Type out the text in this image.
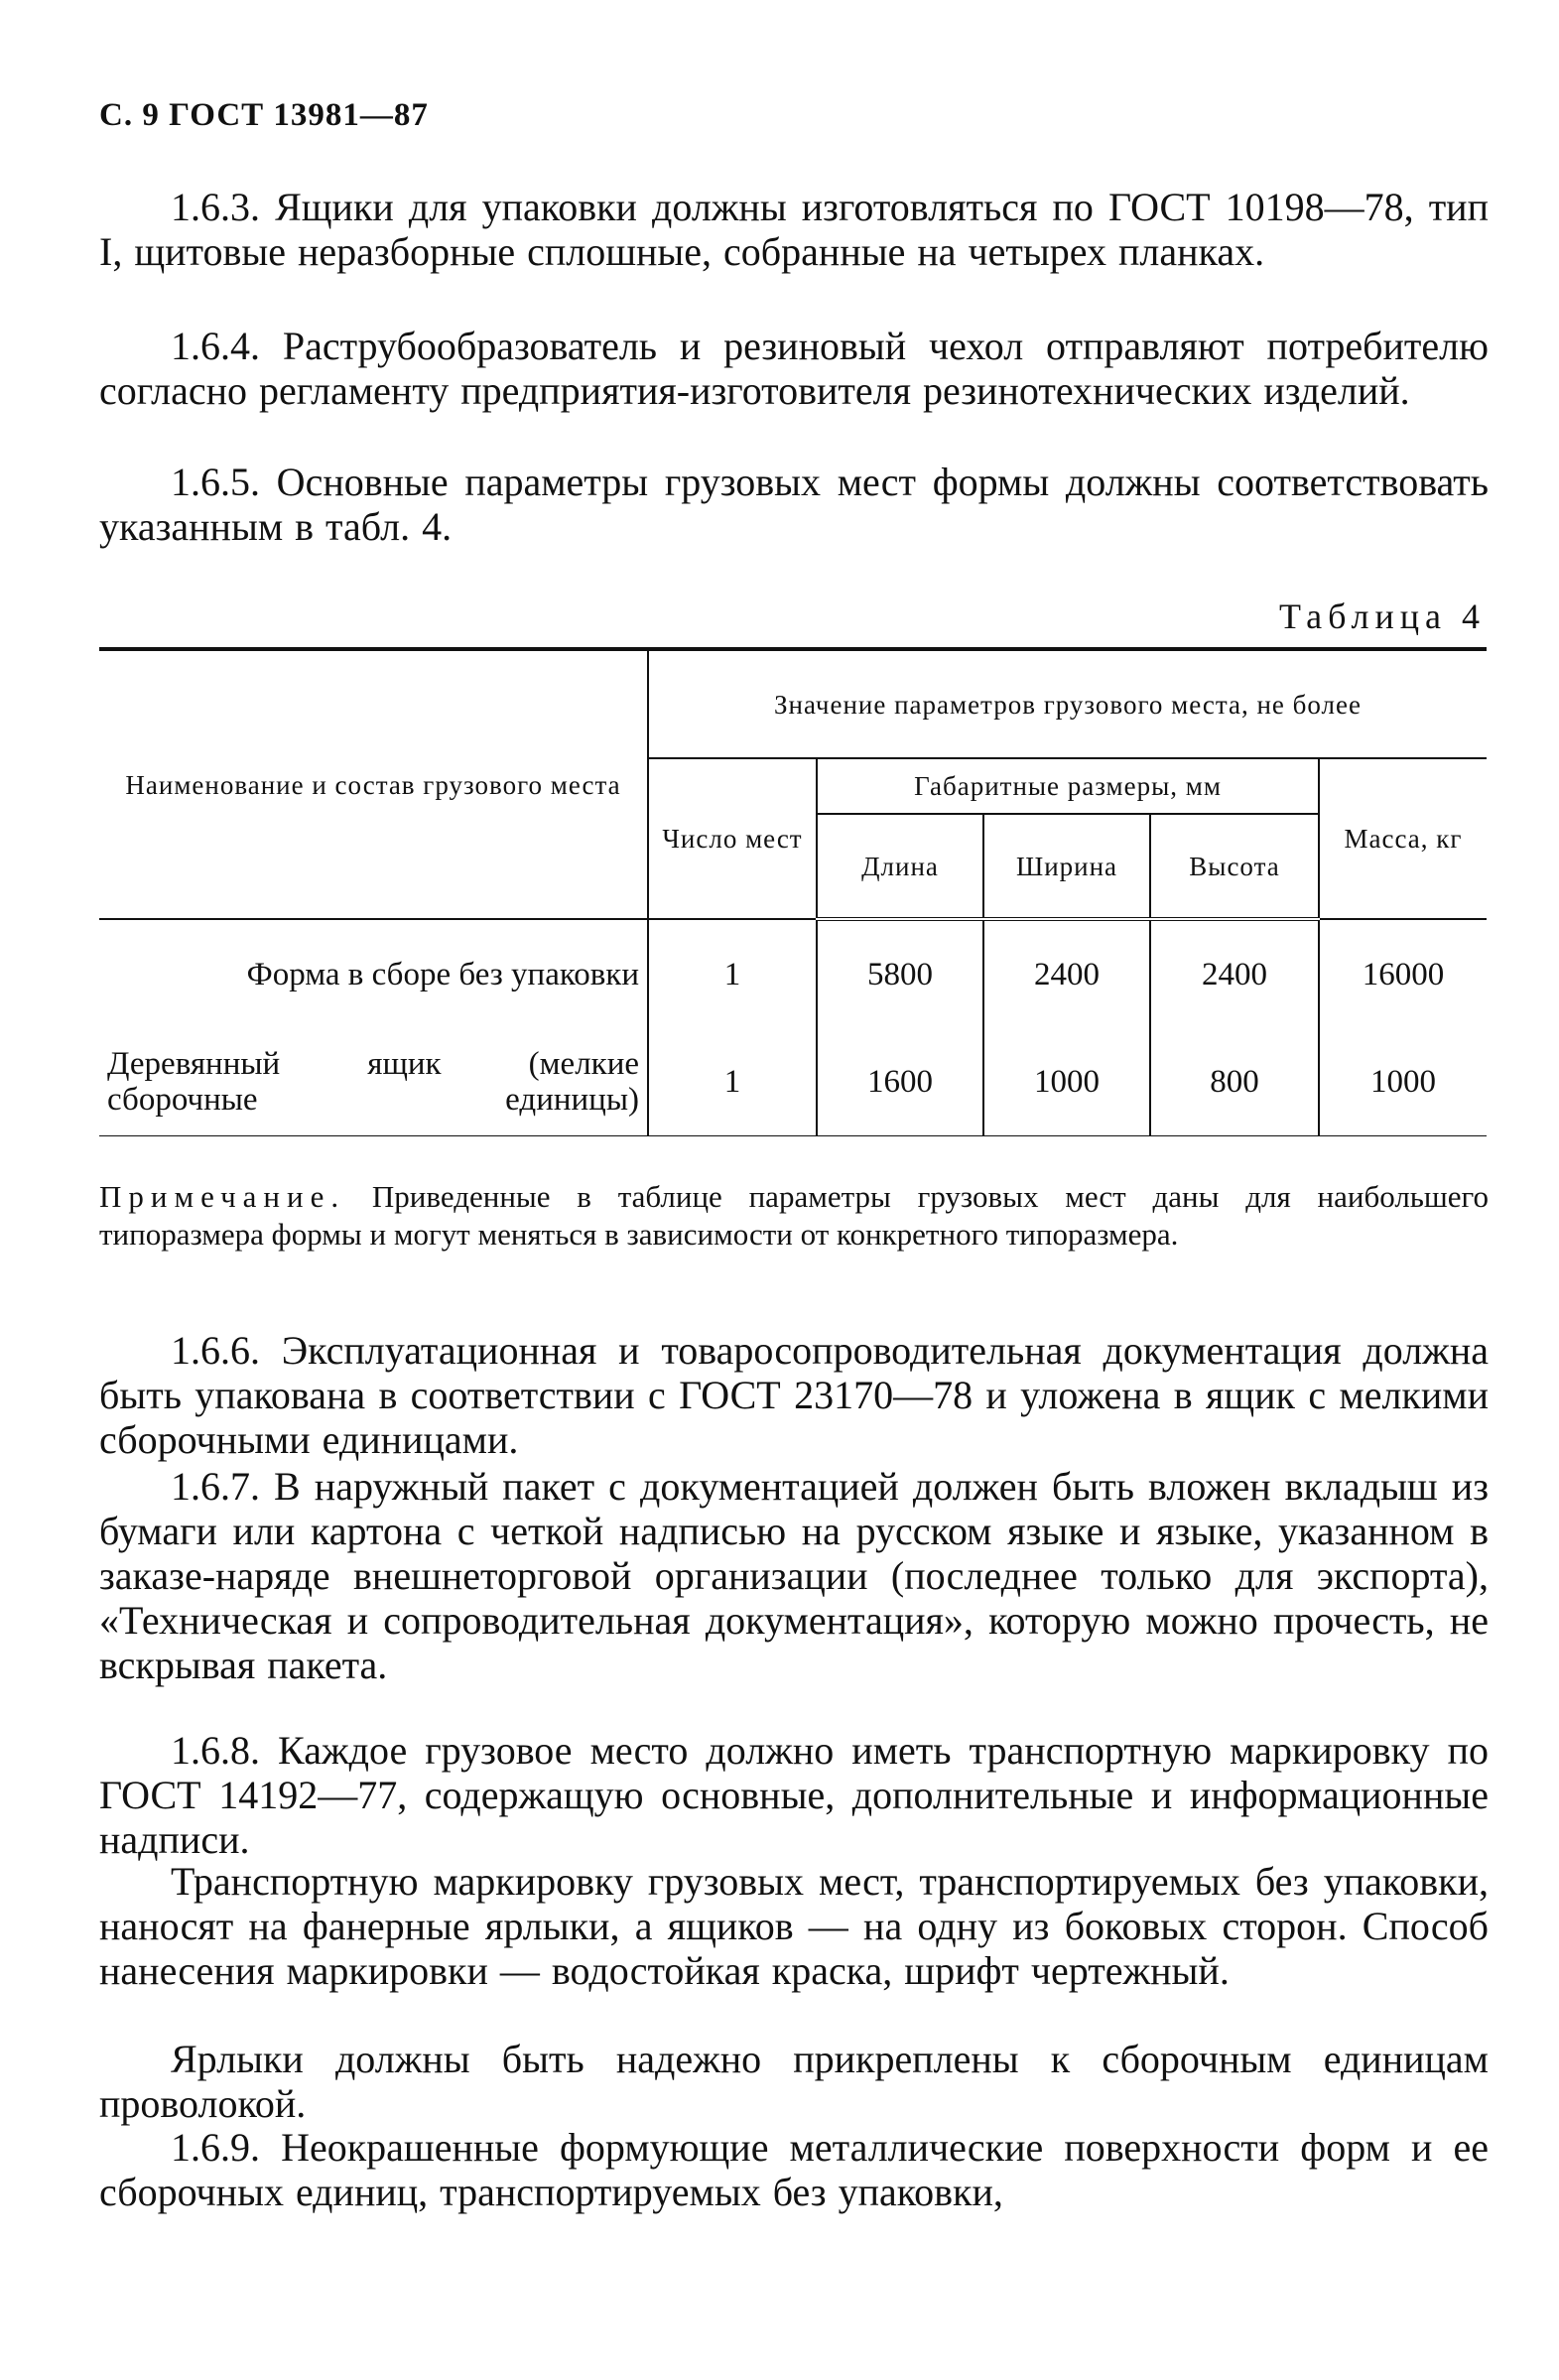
С. 9 ГОСТ 13981—87
1.6.3. Ящики для упаковки должны изготовляться по ГОСТ 10198—78, тип I, щитовые неразборные сплошные, собранные на четырех планках.
1.6.4. Раструбообразователь и резиновый чехол отправляют потребителю согласно регламенту предприятия-изготовителя резинотехнических изделий.
1.6.5. Основные параметры грузовых мест формы должны соответствовать указанным в табл. 4.
Таблица 4
Наименование и состав грузового места	Значение параметров грузового места, не более				
	Число мест	Габаритные размеры, мм			Масса, кг
		Длина	Ширина	Высота	
Форма в сборе без упаковки	1	5800	2400	2400	16000
Деревянный ящик (мелкие сборочные единицы)	1	1600	1000	800	1000
Примечание. Приведенные в таблице параметры грузовых мест даны для наибольшего типоразмера формы и могут меняться в зависимости от конкретного типоразмера.
1.6.6. Эксплуатационная и товаросопроводительная документация должна быть упакована в соответствии с ГОСТ 23170—78 и уложена в ящик с мелкими сборочными единицами.
1.6.7. В наружный пакет с документацией должен быть вложен вкладыш из бумаги или картона с четкой надписью на русском языке и языке, указанном в заказе-наряде внешнеторговой организации (последнее только для экспорта), «Техническая и сопроводительная документация», которую можно прочесть, не вскрывая пакета.
1.6.8. Каждое грузовое место должно иметь транспортную маркировку по ГОСТ 14192—77, содержащую основные, дополнительные и информационные надписи.
Транспортную маркировку грузовых мест, транспортируемых без упаковки, наносят на фанерные ярлыки, а ящиков — на одну из боковых сторон. Способ нанесения маркировки — водостойкая краска, шрифт чертежный.
Ярлыки должны быть надежно прикреплены к сборочным единицам проволокой.
1.6.9. Неокрашенные формующие металлические поверхности форм и ее сборочных единиц, транспортируемых без упаковки,
